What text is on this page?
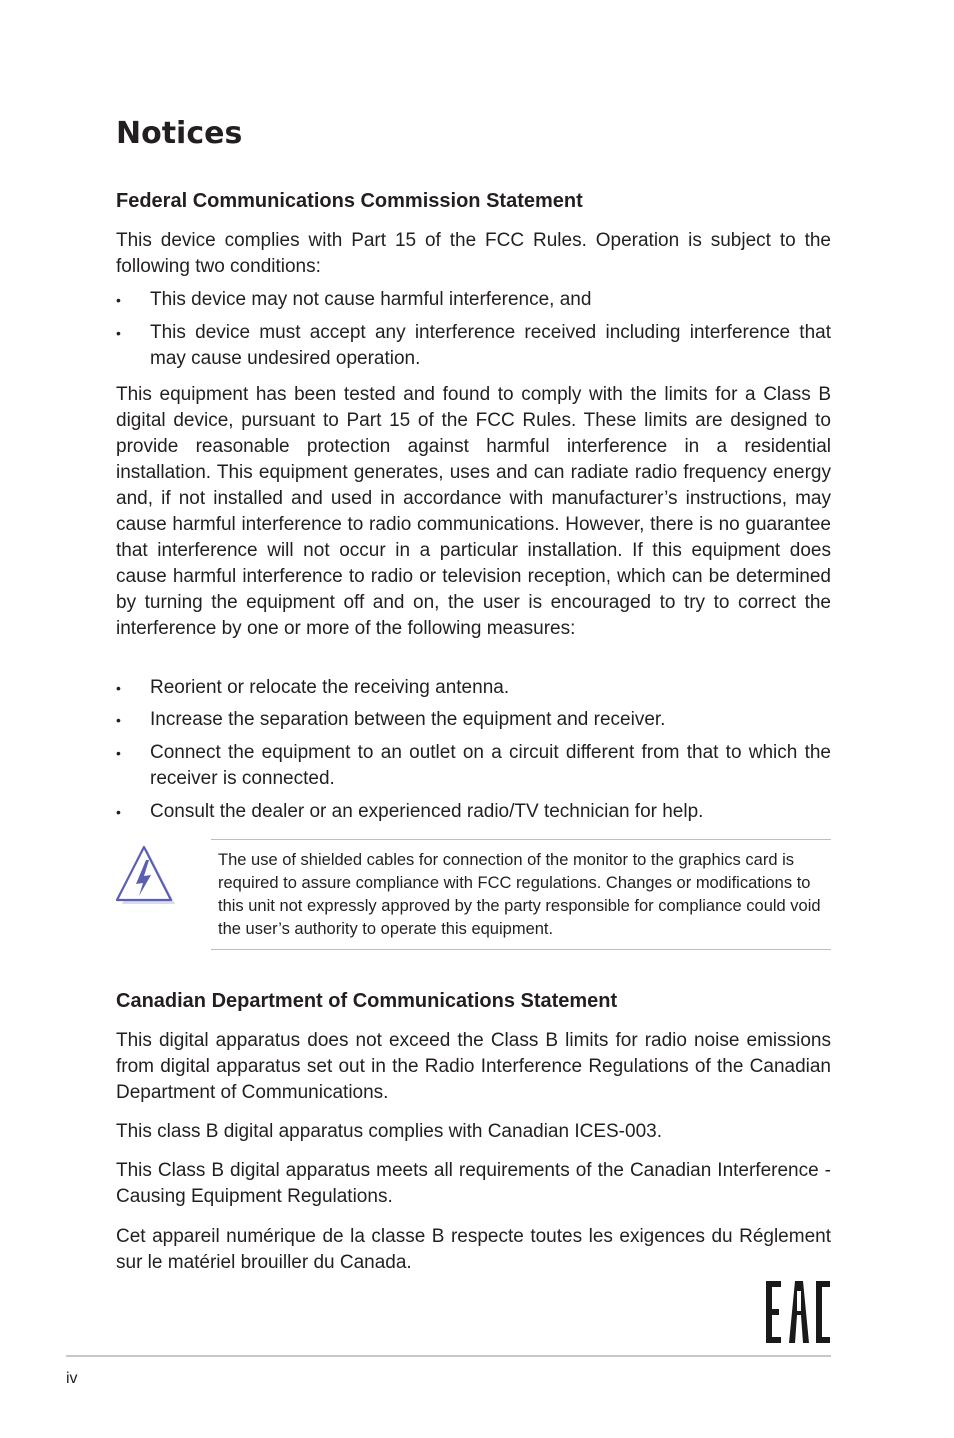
Notices
Federal Communications Commission Statement

This device complies with Part 15 of the FCC Rules. Operation is subject to the following two conditions:

• This device may not cause harmful interference, and
• This device must accept any interference received including interference that may cause undesired operation.

This equipment has been tested and found to comply with the limits for a Class B digital device, pursuant to Part 15 of the FCC Rules. These limits are designed to provide reasonable protection against harmful interference in a residential installation. This equipment generates, uses and can radiate radio frequency energy and, if not installed and used in accordance with manufacturer’s instructions, may cause harmful interference to radio communications. However, there is no guarantee that interference will not occur in a particular installation. If this equipment does cause harmful interference to radio or television reception, which can be determined by turning the equipment off and on, the user is encouraged to try to correct the interference by one or more of the following measures:

• Reorient or relocate the receiving antenna.
• Increase the separation between the equipment and receiver.
• Connect the equipment to an outlet on a circuit different from that to which the receiver is connected.
• Consult the dealer or an experienced radio/TV technician for help.

The use of shielded cables for connection of the monitor to the graphics card is required to assure compliance with FCC regulations. Changes or modifications to this unit not expressly approved by the party responsible for compliance could void the user’s authority to operate this equipment.

Canadian Department of Communications Statement

This digital apparatus does not exceed the Class B limits for radio noise emissions from digital apparatus set out in the Radio Interference Regulations of the Canadian Department of Communications.

This class B digital apparatus complies with Canadian ICES-003.

This Class B digital apparatus meets all requirements of the Canadian Interference - Causing Equipment Regulations.

Cet appareil numérique de la classe B respecte toutes les exigences du Réglement sur le matériel brouiller du Canada.

iv
